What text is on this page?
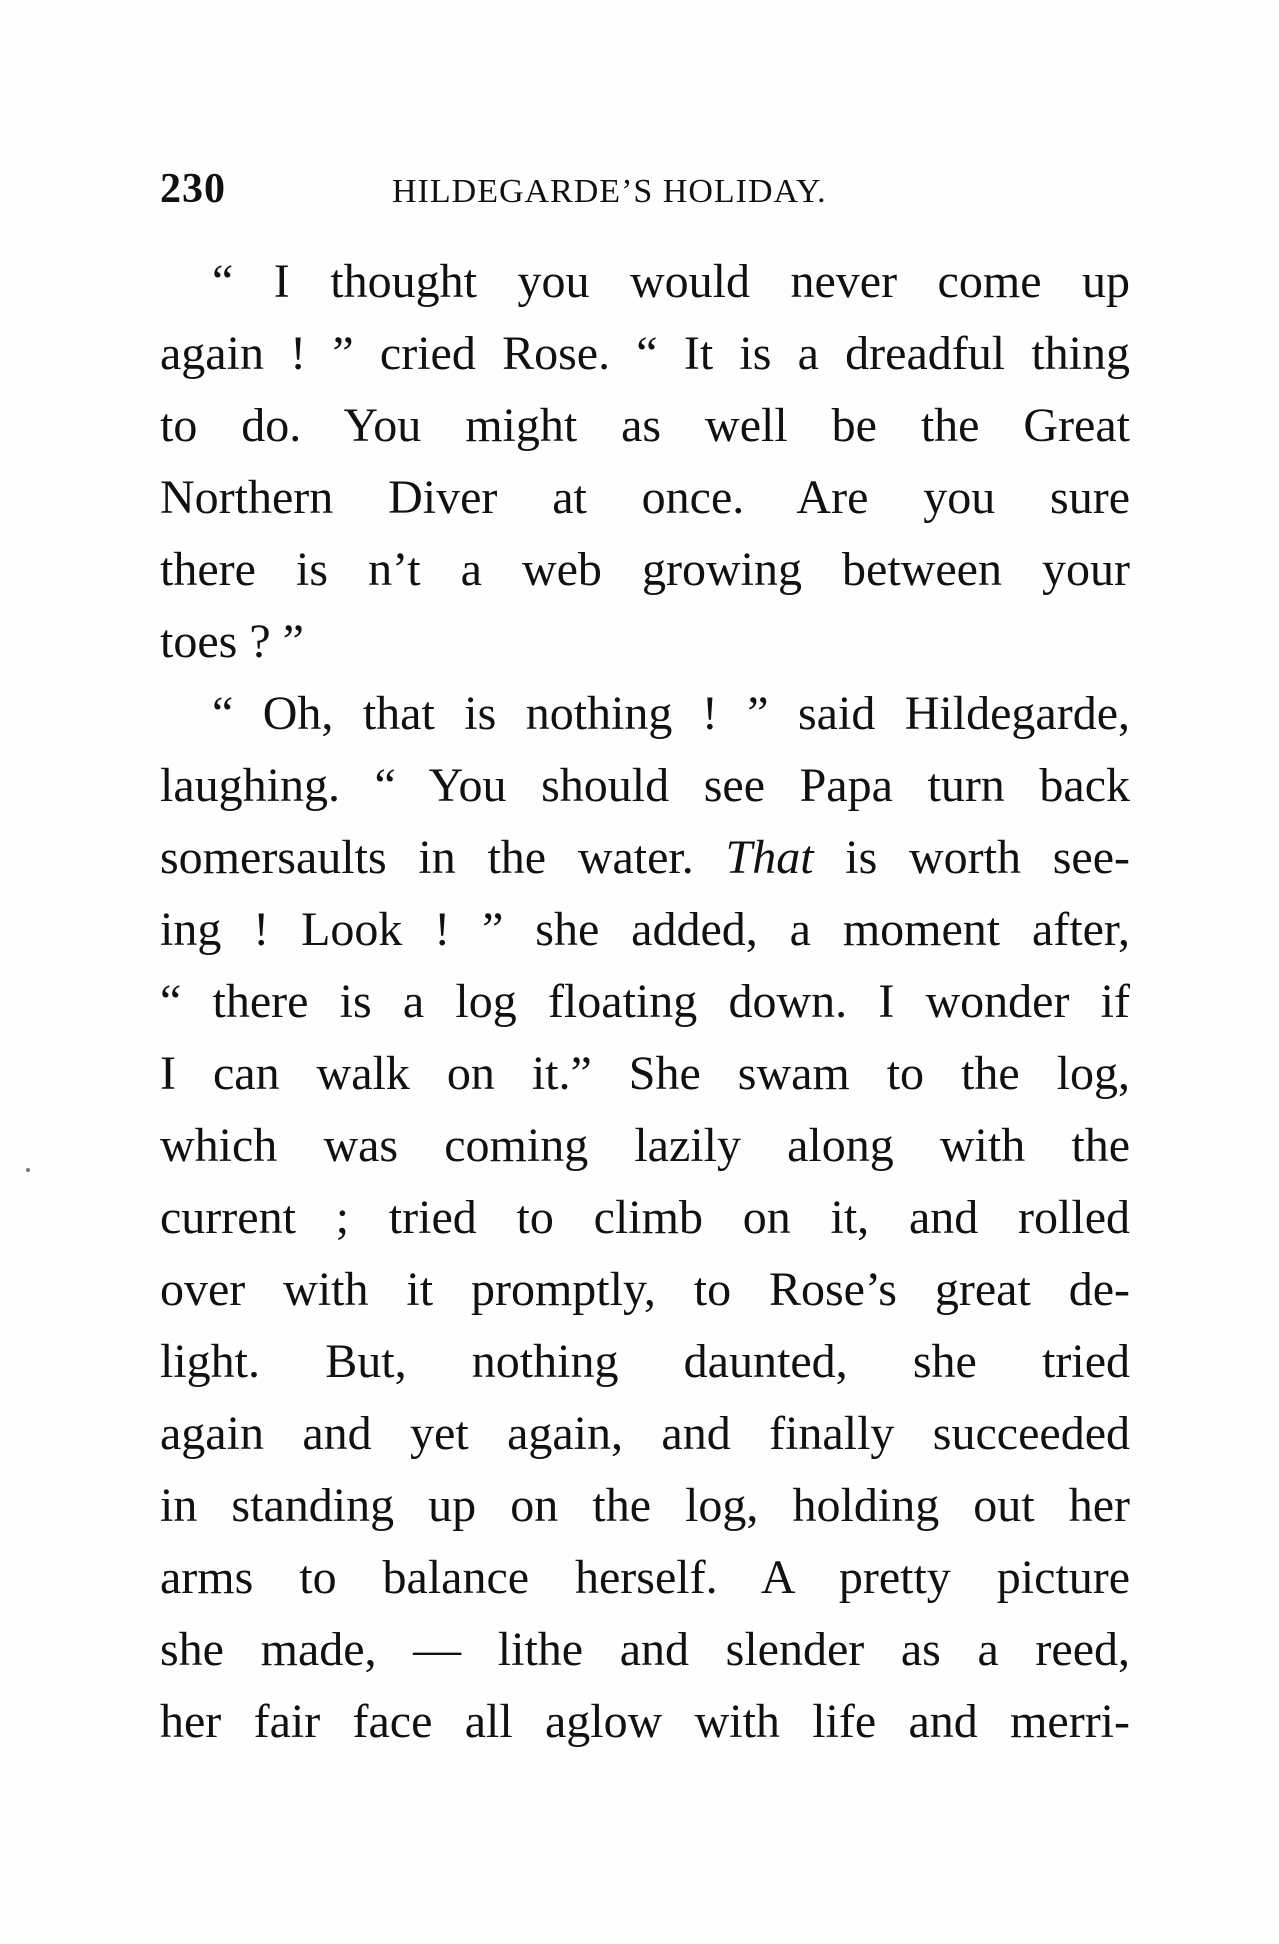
230	HILDEGARDE’S HOLIDAY.
“ I thought you would never come up
again ! ” cried Rose. “ It is a dreadful thing
to do. You might as well be the Great
Northern Diver at once. Are you sure
there is n’t a web growing between your
toes ? ”
“ Oh, that is nothing ! ” said Hildegarde,
laughing. “ You should see Papa turn back
somersaults in the water. That is worth see-
ing ! Look ! ” she added, a moment after,
“ there is a log floating down. I wonder if
I can walk on it.” She swam to the log,
which was coming lazily along with the
current ; tried to climb on it, and rolled
over with it promptly, to Rose’s great de-
light. But, nothing daunted, she tried
again and yet again, and finally succeeded
in standing up on the log, holding out her
arms to balance herself. A pretty picture
she made, — lithe and slender as a reed,
her fair face all aglow with life and merri-
